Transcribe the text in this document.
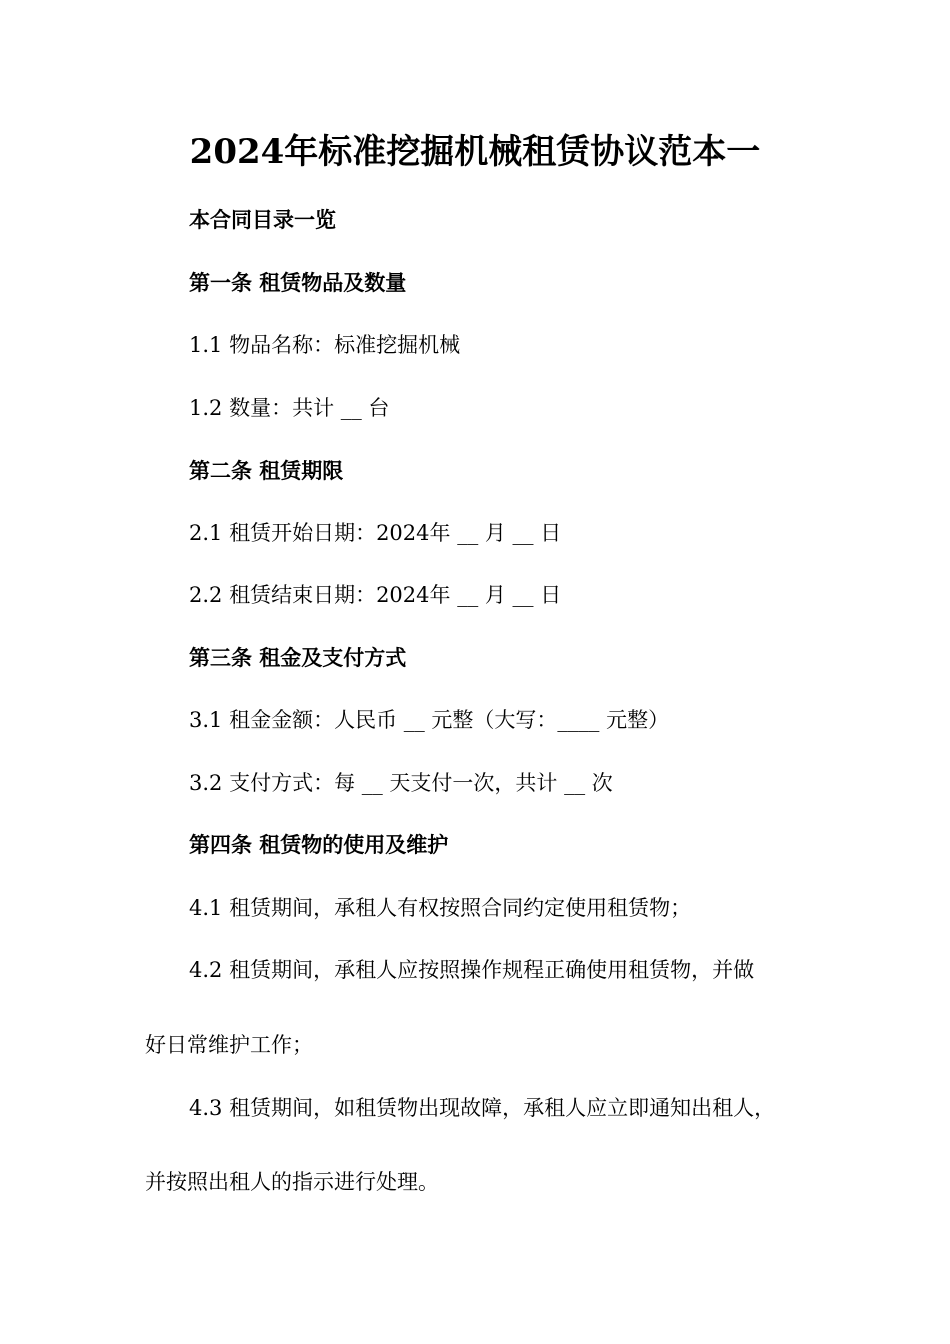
2024年标准挖掘机械租赁协议范本一
本合同目录一览
第一条 租赁物品及数量
1.1 物品名称：标准挖掘机械
1.2 数量：共计 __ 台
第二条 租赁期限
2.1 租赁开始日期：2024年 __ 月 __ 日
2.2 租赁结束日期：2024年 __ 月 __ 日
第三条 租金及支付方式
3.1 租金金额：人民币 __ 元整（大写：____ 元整）
3.2 支付方式：每 __ 天支付一次，共计 __ 次
第四条 租赁物的使用及维护
4.1 租赁期间，承租人有权按照合同约定使用租赁物；
4.2 租赁期间，承租人应按照操作规程正确使用租赁物，并做
好日常维护工作；
4.3 租赁期间，如租赁物出现故障，承租人应立即通知出租人，
并按照出租人的指示进行处理。
